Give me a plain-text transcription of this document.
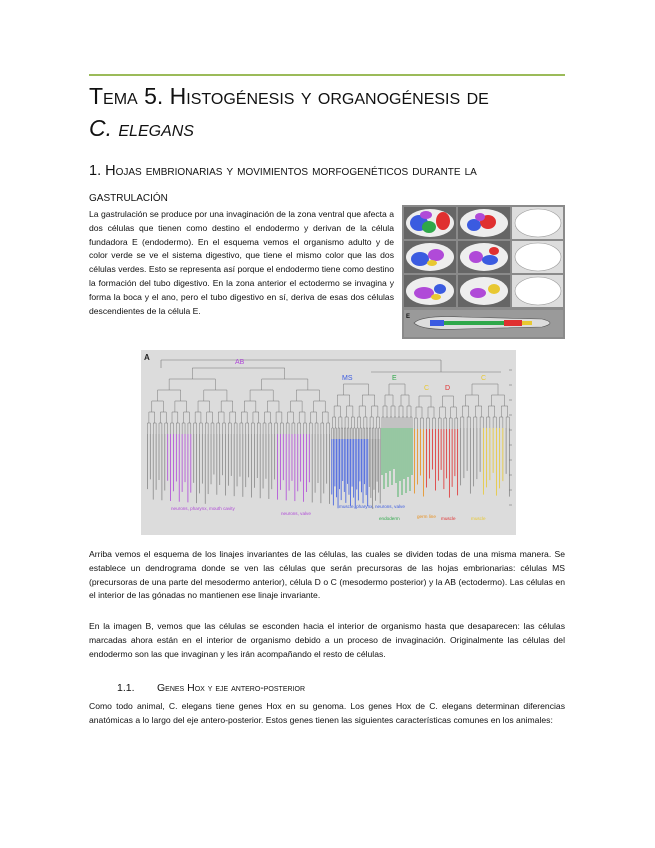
Tema 5. Histogénesis y organogénesis de
C. elegans
1. Hojas embrionarias y movimientos morfogenéticos durante la
gastrulación
La gastrulación se produce por una invaginación de la zona ventral que afecta a dos células que tienen como destino el endodermo y derivan de la célula fundadora E (endodermo). En el esquema vemos el organismo adulto y de color verde se ve el sistema digestivo, que tiene el mismo color que las dos células verdes. Esto se representa así porque el endodermo tiene como destino la formación del tubo digestivo. En la zona anterior el ectodermo se invagina y forma la boca y el ano, pero el tubo digestivo en sí, deriva de esas dos células descendientes de la célula E.
E
A
AB
MS	E
C D
C
neurons, pharynx, mouth cavity
neurons, valve
muscle, pharynx, neurons, valve
endoderm	germ line muscle	muscle
Arriba vemos el esquema de los linajes invariantes de las células, las cuales se dividen todas de una misma manera. Se establece un dendrograma donde se ven las células que serán precursoras de las hojas embrionarias: células MS (precursoras de una parte del mesodermo anterior), célula D o C (mesodermo posterior) y la AB (ectodermo). Las células en el interior de las gónadas no mantienen ese linaje invariante.
En la imagen B, vemos que las células se esconden hacia el interior de organismo hasta que desaparecen: las células marcadas ahora están en el interior de organismo debido a un proceso de invaginación. Originalmente las células del endodermo son las que invaginan y les irán acompañando el resto de células.
1.1. Genes Hox y eje antero-posterior
Como todo animal, C. elegans tiene genes Hox en su genoma. Los genes Hox de C. elegans determinan diferencias anatómicas a lo largo del eje antero-posterior. Estos genes tienen las siguientes características comunes en los animales:
